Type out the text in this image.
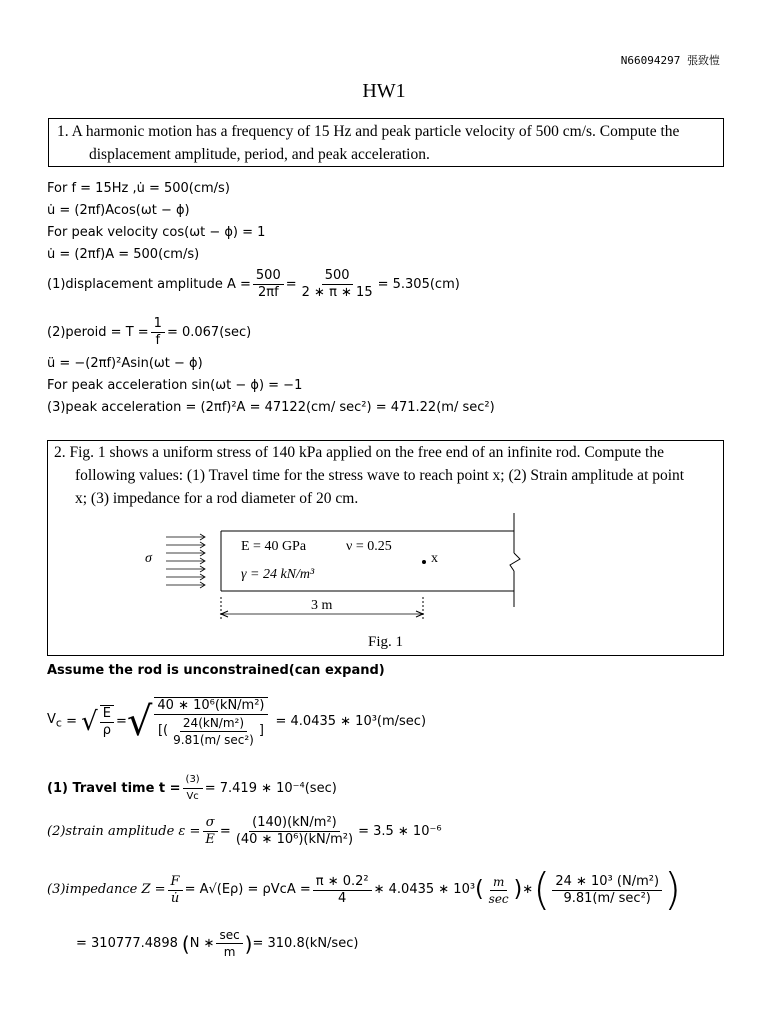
N66094297 張致愷
HW1
1. A harmonic motion has a frequency of 15 Hz and peak particle velocity of 500 cm/s. Compute the
displacement amplitude, period, and peak acceleration.
For f = 15Hz ,u̇ = 500(cm/s)
u̇ = (2πf)Acos(ωt − ϕ)
For peak velocity cos(ωt − ϕ) = 1
u̇ = (2πf)A = 500(cm/s)
(1)displacement amplitude $A = \frac{500}{2\pi f} = \frac{500}{2 ∗ \pi ∗ 15} = 5.305(cm)$
(2)peroid = $T = \frac{1}{f} = 0.067(\sec)$
ü = −(2πf)²Asin(ωt − ϕ)
For peak acceleration sin(ωt − ϕ) = −1
(3)peak acceleration = (2πf)²A = 47122(cm/ sec²) = 471.22(m/ sec²)
2. Fig. 1 shows a uniform stress of 140 kPa applied on the free end of an infinite rod. Compute the
following values: (1) Travel time for the stress wave to reach point x; (2) Strain amplitude at point
x; (3) impedance for a rod diameter of 20 cm.
σ
E = 40 GPa	ν = 0.25
γ = 24 kN/m³
x
3 m
Fig. 1
Assume the rod is unconstrained(can expand)
$V_c$ = √ $\frac{E}{\rho}$ = √ $\frac{\text{40 ∗ 10⁶(kN/m²)}}{[( \frac{\text{24(kN/m²)}}{\text{9.81(m/ sec²)}} ]} = 4.0435$ ∗ 10³(m/sec)
(1) Travel time $t = \frac{(3)}{Vc} = 7.419$ ∗ 10⁻⁴(sec)
(2)strain amplitude $\varepsilon = \frac{\sigma}{E} = \frac{\text{(140)(kN/m²)}}{\text{(40 ∗ 10⁶)(kN/m²)}} = 3.5$ ∗ 10⁻⁶
(3)impedance $Z = \frac{F}{u̇} = A√(E\rho) = \rho VcA = \frac{\text{π ∗ 0.2²}}{4}$ ∗ 4.0435 ∗ 10³ ( $\frac{m}{\sec}$ ) ∗ ( $\frac{\text{24 ∗ 10³ (N/m²)}}{\text{9.81(m/ sec²)}}$ )
= 310777.4898 ( N ∗ $\frac{\sec}{m}$ ) = 310.8(kN/sec)
